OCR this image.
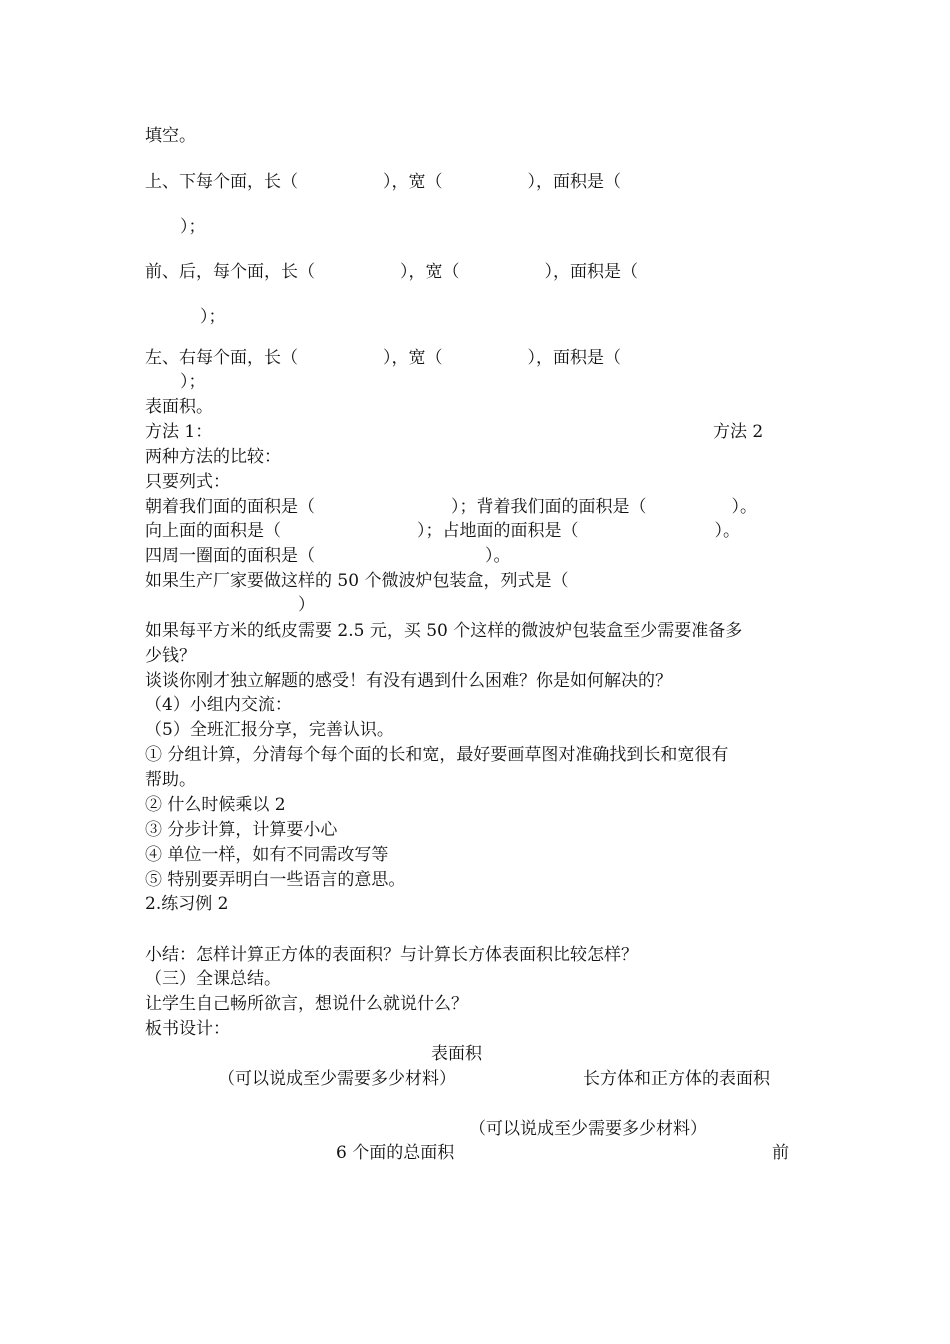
填空。
上、下每个面，长（　　　　　），宽（　　　　　），面积是（
）；
前、后，每个面，长（　　　　　），宽（　　　　　），面积是（
）；
左、右每个面，长（　　　　　），宽（　　　　　），面积是（
）；
表面积。
方法 1：	方法 2
两种方法的比较：
只要列式：
朝着我们面的面积是（　　　　　　　　）；背着我们面的面积是（　　　　　）。
向上面的面积是（　　　　　　　　）；占地面的面积是（　　　　　　　　）。
四周一圈面的面积是（　　　　　　　　　　）。
如果生产厂家要做这样的 50 个微波炉包装盒，列式是（
）
如果每平方米的纸皮需要 2.5 元，买 50 个这样的微波炉包装盒至少需要准备多
少钱？
谈谈你刚才独立解题的感受！有没有遇到什么困难？你是如何解决的？
（4）小组内交流：
（5）全班汇报分享，完善认识。
① 分组计算，分清每个每个面的长和宽，最好要画草图对准确找到长和宽很有
帮助。
② 什么时候乘以 2
③ 分步计算，计算要小心
④ 单位一样，如有不同需改写等
⑤ 特别要弄明白一些语言的意思。
2.练习例 2
小结：怎样计算正方体的表面积？与计算长方体表面积比较怎样？
（三）全课总结。
让学生自己畅所欲言，想说什么就说什么？
板书设计：
表面积
（可以说成至少需要多少材料）	长方体和正方体的表面积
（可以说成至少需要多少材料）
6 个面的总面积	前
